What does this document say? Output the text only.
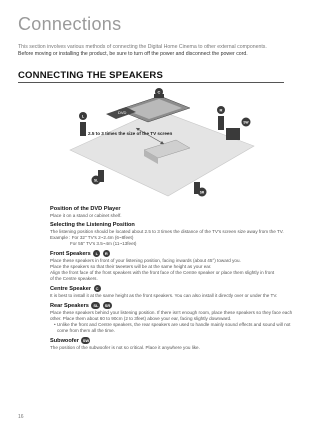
Connections
This section involves various methods of connecting the Digital Home Cinema to other external components.
Before moving or installing the product, be sure to turn off the power and disconnect the power cord.
CONNECTING THE SPEAKERS
DVD
L
C
R
SW
2.5 to 3 times the size of the TV screen
SL
SR
Position of the DVD Player
Place it on a stand or cabinet shelf.
Selecting the Listening Position
The listening position should be located about 2.5 to 3 times the distance of the TV's screen size away from the TV.
Example : For 32" TV's 2~2.4m (6~8feet)
For 55" TV's 3.5~4m (11~13feet)
Front Speakers L R
Place these speakers in front of your listening position, facing inwards (about 45°) toward you.
Place the speakers so that their tweeters will be at the same height as your ear.
Align the front face of the front speakers with the front face of the Centre speaker or place them slightly in front
of the Centre speakers.
Centre Speaker C
It is best to install it at the same height as the front speakers. You can also install it directly over or under the TV.
Rear Speakers SL SR
Place these speakers behind your listening position. If there isn't enough room, place these speakers so they face each
other. Place them about 60 to 90cm (2 to 3feet) above your ear, facing slightly downward.
• Unlike the front and Centre speakers, the rear speakers are used to handle mainly sound effects and sound will not
come from them all the time.
Subwoofer SW
The position of the subwoofer is not so critical. Place it anywhere you like.
16
